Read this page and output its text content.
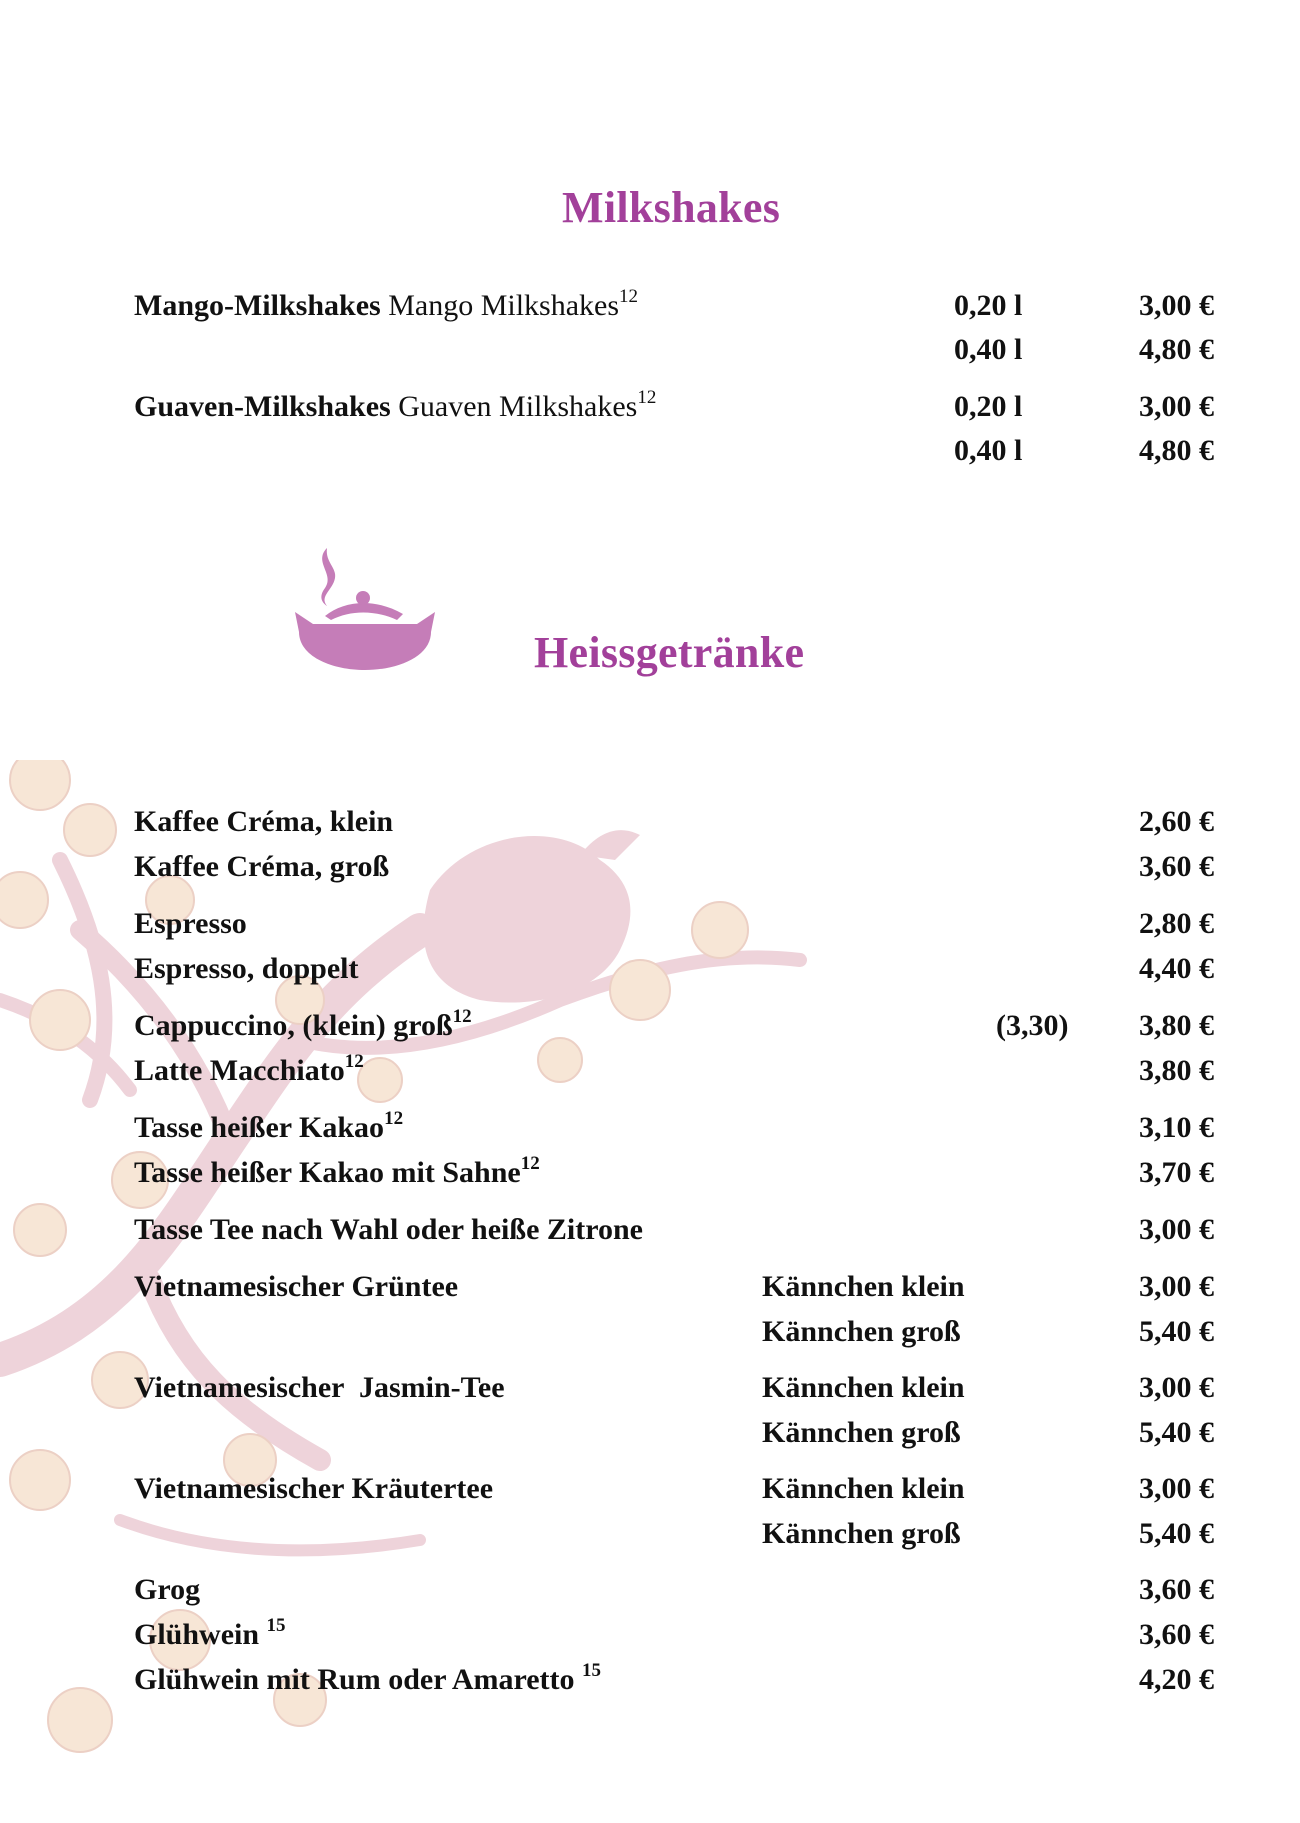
Milkshakes
Mango-Milkshakes Mango Milkshakes$^{12}$	0,20 l	3,00 €
0,40 l	4,80 €
Guaven-Milkshakes Guaven Milkshakes$^{12}$	0,20 l	3,00 €
0,40 l	4,80 €
Heissgetränke
Kaffee Créma, klein	2,60 €
Kaffee Créma, groß	3,60 €
Espresso	2,80 €
Espresso, doppelt	4,40 €
Cappuccino, (klein) groß$^{12}$	(3,30) 3,80 €
Latte Macchiato$^{12}$	3,80 €
Tasse heißer Kakao$^{12}$	3,10 €
Tasse heißer Kakao mit Sahne$^{12}$	3,70 €
Tasse Tee nach Wahl oder heiße Zitrone	3,00 €
Vietnamesischer Grüntee	Kännchen klein	3,00 €
Kännchen groß	5,40 €
Vietnamesischer  Jasmin-Tee	Kännchen klein	3,00 €
Kännchen groß	5,40 €
Vietnamesischer Kräutertee	Kännchen klein	3,00 €
Kännchen groß	5,40 €
Grog	3,60 €
Glühwein $^{15}$	3,60 €
Glühwein mit Rum oder Amaretto $^{15}$	4,20 €
